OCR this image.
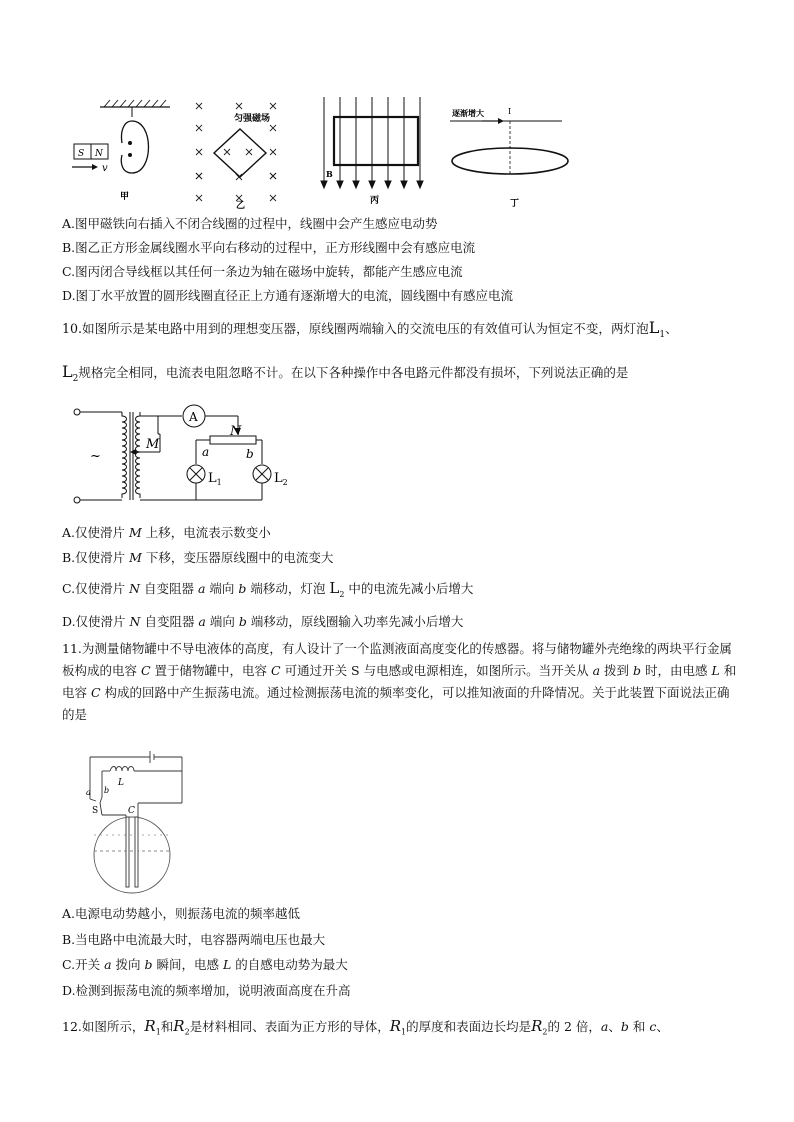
S N
v
甲
匀强磁场
乙
B
丙
逐渐增大	I
丁
A.图甲磁铁向右插入不闭合线圈的过程中，线圈中会产生感应电动势
B.图乙正方形金属线圈水平向右移动的过程中，正方形线圈中会有感应电流
C.图丙闭合导线框以其任何一条边为轴在磁场中旋转，都能产生感应电流
D.图丁水平放置的圆形线圈直径正上方通有逐渐增大的电流，圆线圈中有感应电流
10.如图所示是某电路中用到的理想变压器，原线圈两端输入的交流电压的有效值可认为恒定不变，两灯泡$L_1$、
$L_2$规格完全相同，电流表电阻忽略不计。在以下各种操作中各电路元件都没有损坏，下列说法正确的是
~
M
A
N
a	b
$L_1$	$L_2$
A.仅使滑片 M 上移，电流表示数变小
B.仅使滑片 M 下移，变压器原线圈中的电流变大
C.仅使滑片 N 自变阻器 a 端向 b 端移动，灯泡 $L_2$ 中的电流先减小后增大
D.仅使滑片 N 自变阻器 a 端向 b 端移动，原线圈输入功率先减小后增大
11.为测量储物罐中不导电液体的高度，有人设计了一个监测液面高度变化的传感器。将与储物罐外壳绝缘的两块平行金属板构成的电容 C 置于储物罐中，电容 C 可通过开关 S 与电感或电源相连，如图所示。当开关从 a 拨到 b 时，由电感 L 和电容 C 构成的回路中产生振荡电流。通过检测振荡电流的频率变化，可以推知液面的升降情况。关于此装置下面说法正确的是
a b
S
L
C
A.电源电动势越小，则振荡电流的频率越低
B.当电路中电流最大时，电容器两端电压也最大
C.开关 a 拨向 b 瞬间，电感 L 的自感电动势为最大
D.检测到振荡电流的频率增加，说明液面高度在升高
12.如图所示，$R_1$和$R_2$是材料相同、表面为正方形的导体，$R_1$的厚度和表面边长均是$R_2$的 2 倍，a、b 和 c、
